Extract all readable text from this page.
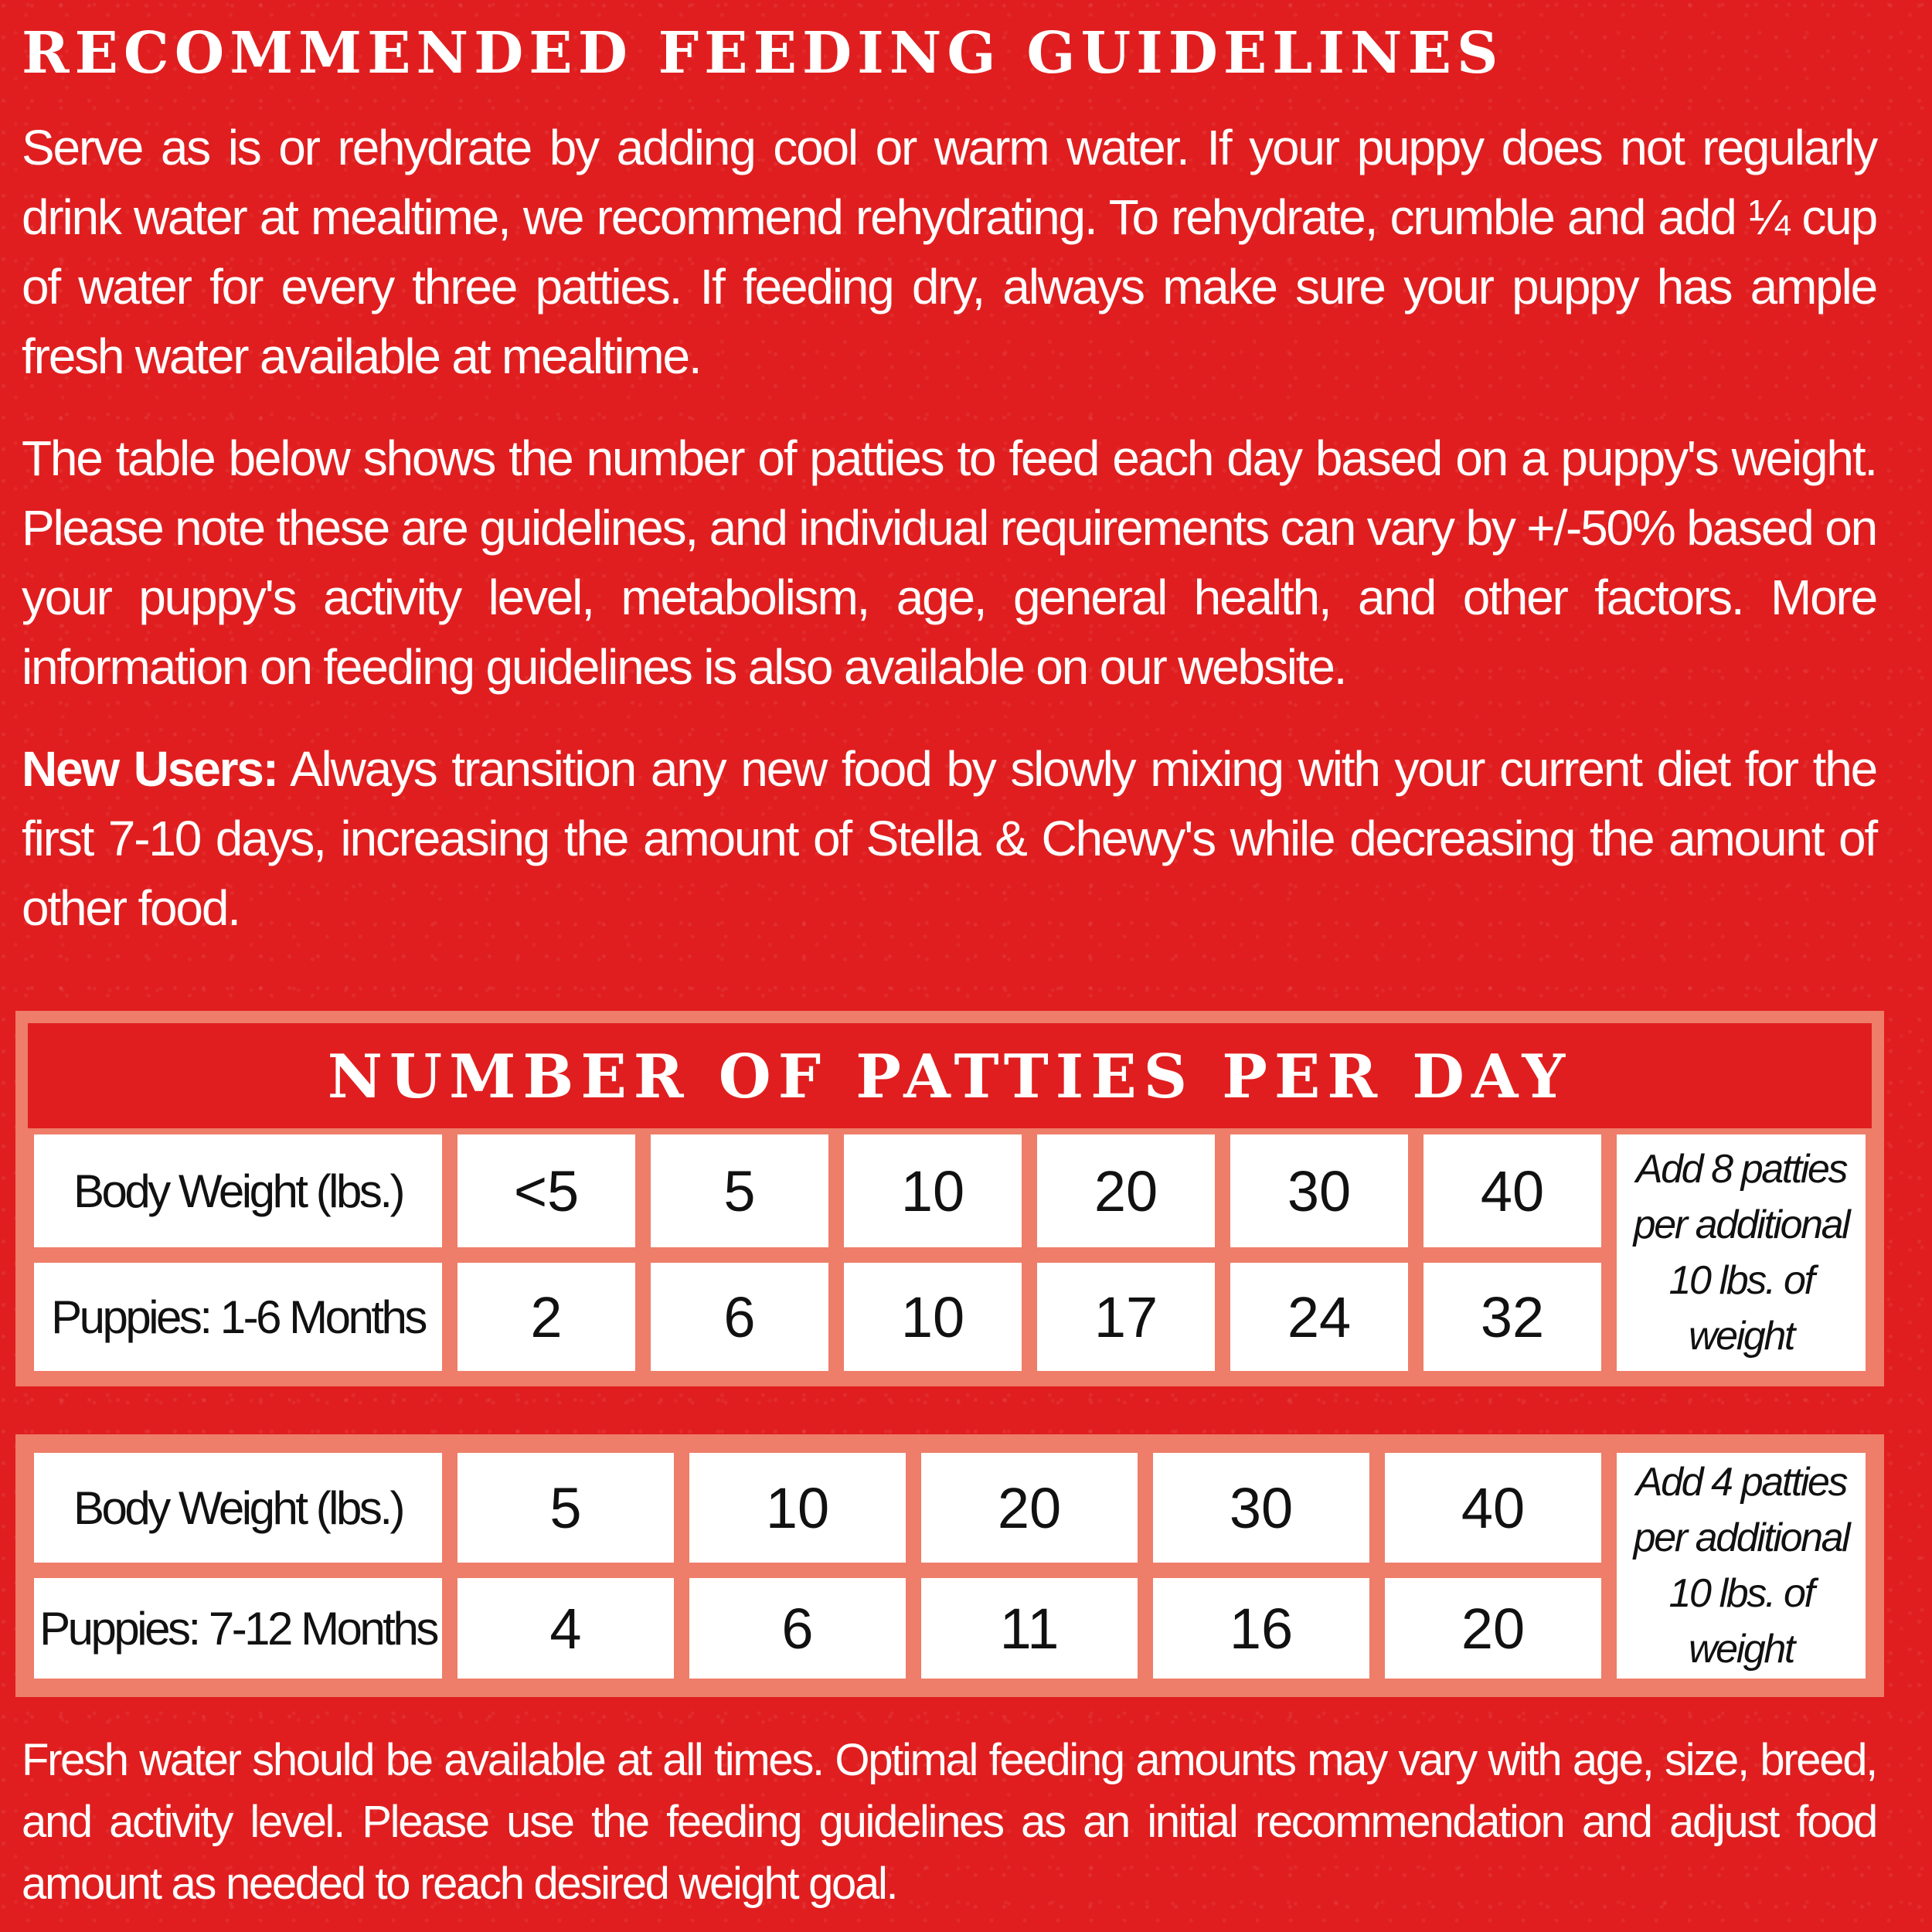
RECOMMENDED FEEDING GUIDELINES

Serve as is or rehydrate by adding cool or warm water. If your puppy does not regularly drink water at mealtime, we recommend rehydrating. To rehydrate, crumble and add ¼ cup of water for every three patties. If feeding dry, always make sure your puppy has ample fresh water available at mealtime.

The table below shows the number of patties to feed each day based on a puppy's weight. Please note these are guidelines, and individual requirements can vary by +/-50% based on your puppy's activity level, metabolism, age, general health, and other factors. More information on feeding guidelines is also available on our website.

New Users: Always transition any new food by slowly mixing with your current diet for the first 7-10 days, increasing the amount of Stella & Chewy's while decreasing the amount of other food.

NUMBER OF PATTIES PER DAY
Body Weight (lbs.)	<5	5	10	20	30	40
Puppies: 1-6 Months	2	6	10	17	24	32
Add 8 patties per additional 10 lbs. of weight
Body Weight (lbs.)	5	10	20	30	40
Puppies: 7-12 Months	4	6	11	16	20
Add 4 patties per additional 10 lbs. of weight

Fresh water should be available at all times. Optimal feeding amounts may vary with age, size, breed, and activity level. Please use the feeding guidelines as an initial recommendation and adjust food amount as needed to reach desired weight goal.
